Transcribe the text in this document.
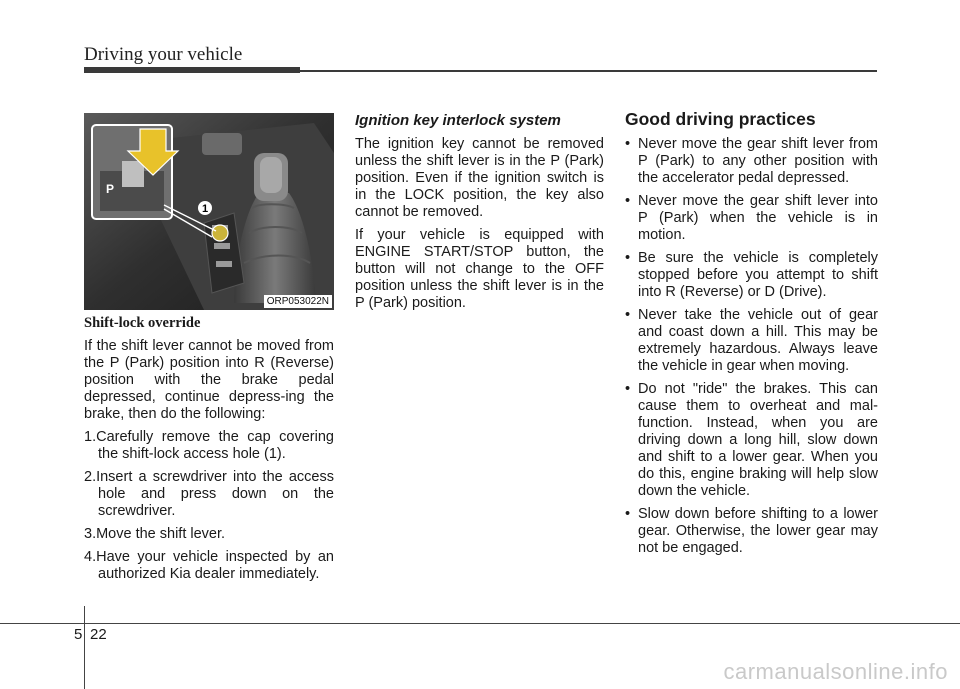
Driving your vehicle
1
P
ORP053022N
Shift-lock override

If the shift lever cannot be moved from the P (Park) position into R (Reverse) position with the brake pedal depressed, continue depress-ing the brake, then do the following:

1.Carefully remove the cap covering the shift-lock access hole (1).
2.Insert a screwdriver into the access hole and press down on the screwdriver.
3.Move the shift lever.
4.Have your vehicle inspected by an authorized Kia dealer immediately.
Ignition key interlock system

The ignition key cannot be removed unless the shift lever is in the P (Park) position. Even if the ignition switch is in the LOCK position, the key also cannot be removed.

If your vehicle is equipped with ENGINE START/STOP button, the button will not change to the OFF position unless the shift lever is in the P (Park) position.

Good driving practices
• Never move the gear shift lever from P (Park) to any other position with the accelerator pedal depressed.
• Never move the gear shift lever into P (Park) when the vehicle is in motion.
• Be sure the vehicle is completely stopped before you attempt to shift into R (Reverse) or D (Drive).
• Never take the vehicle out of gear and coast down a hill. This may be extremely hazardous. Always leave the vehicle in gear when moving.
• Do not "ride" the brakes. This can cause them to overheat and mal-function. Instead, when you are driving down a long hill, slow down and shift to a lower gear. When you do this, engine braking will help slow down the vehicle.
• Slow down before shifting to a lower gear. Otherwise, the lower gear may not be engaged.
5 22
carmanualsonline.info
